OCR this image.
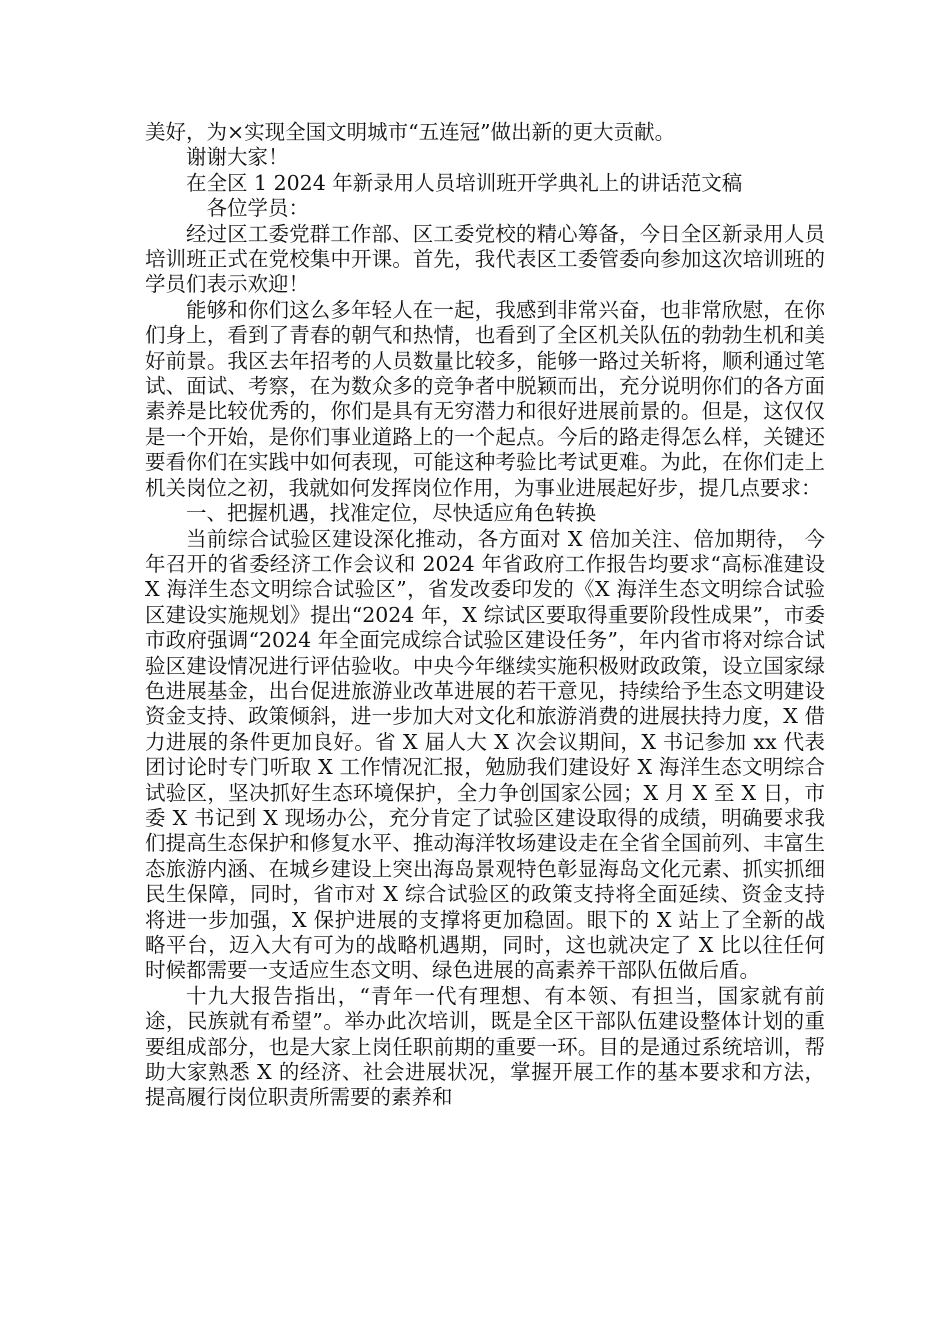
美好，为×实现全国文明城市“五连冠”做出新的更大贡献。

谢谢大家！

在全区 1 2024 年新录用人员培训班开学典礼上的讲话范文稿

各位学员：

经过区工委党群工作部、区工委党校的精心筹备，今日全区新录用人员培训班正式在党校集中开课。首先，我代表区工委管委向参加这次培训班的学员们表示欢迎！

能够和你们这么多年轻人在一起，我感到非常兴奋，也非常欣慰，在你们身上，看到了青春的朝气和热情，也看到了全区机关队伍的勃勃生机和美好前景。我区去年招考的人员数量比较多，能够一路过关斩将，顺利通过笔试、面试、考察，在为数众多的竞争者中脱颖而出，充分说明你们的各方面素养是比较优秀的，你们是具有无穷潜力和很好进展前景的。但是，这仅仅是一个开始，是你们事业道路上的一个起点。今后的路走得怎么样，关键还要看你们在实践中如何表现，可能这种考验比考试更难。为此，在你们走上机关岗位之初，我就如何发挥岗位作用，为事业进展起好步，提几点要求：

一、把握机遇，找准定位，尽快适应角色转换

当前综合试验区建设深化推动，各方面对 X 倍加关注、倍加期待， 今年召开的省委经济工作会议和 2024 年省政府工作报告均要求“高标准建设 X 海洋生态文明综合试验区”，省发改委印发的《X 海洋生态文明综合试验区建设实施规划》提出“2024 年，X 综试区要取得重要阶段性成果”，市委市政府强调“2024 年全面完成综合试验区建设任务”，年内省市将对综合试验区建设情况进行评估验收。中央今年继续实施积极财政政策，设立国家绿色进展基金，出台促进旅游业改革进展的若干意见，持续给予生态文明建设资金支持、政策倾斜，进一步加大对文化和旅游消费的进展扶持力度，X 借力进展的条件更加良好。省 X 届人大 X 次会议期间，X 书记参加 xx 代表团讨论时专门听取 X 工作情况汇报，勉励我们建设好 X 海洋生态文明综合试验区，坚决抓好生态环境保护，全力争创国家公园；X 月 X 至 X 日，市委 X 书记到 X 现场办公，充分肯定了试验区建设取得的成绩，明确要求我们提高生态保护和修复水平、推动海洋牧场建设走在全省全国前列、丰富生态旅游内涵、在城乡建设上突出海岛景观特色彰显海岛文化元素、抓实抓细民生保障，同时，省市对 X 综合试验区的政策支持将全面延续、资金支持将进一步加强，X 保护进展的支撑将更加稳固。眼下的 X 站上了全新的战略平台，迈入大有可为的战略机遇期，同时，这也就决定了 X 比以往任何时候都需要一支适应生态文明、绿色进展的高素养干部队伍做后盾。

十九大报告指出，“青年一代有理想、有本领、有担当，国家就有前途，民族就有希望”。举办此次培训，既是全区干部队伍建设整体计划的重要组成部分，也是大家上岗任职前期的重要一环。目的是通过系统培训，帮助大家熟悉 X 的经济、社会进展状况，掌握开展工作的基本要求和方法，提高履行岗位职责所需要的素养和
